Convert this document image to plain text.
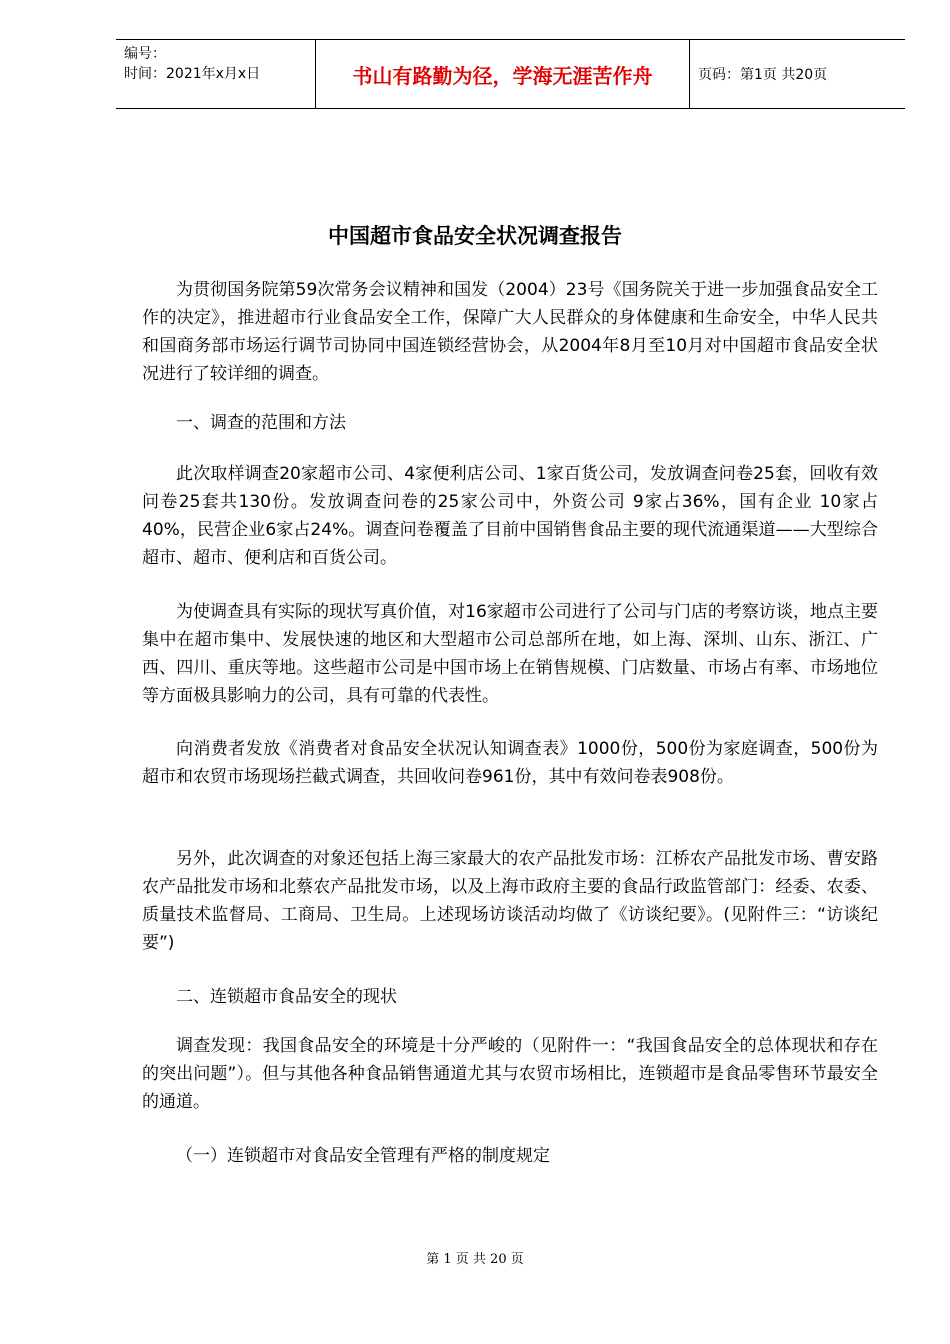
编号：
时间：2021年x月x日	书山有路勤为径，学海无涯苦作舟	页码：第1页 共20页
中国超市食品安全状况调查报告

为贯彻国务院第59次常务会议精神和国发（2004）23号《国务院关于进一步加强食品安全工作的决定》，推进超市行业食品安全工作，保障广大人民群众的身体健康和生命安全，中华人民共和国商务部市场运行调节司协同中国连锁经营协会，从2004年8月至10月对中国超市食品安全状况进行了较详细的调查。

一、调查的范围和方法

此次取样调查20家超市公司、4家便利店公司、1家百货公司，发放调查问卷25套，回收有效问卷25套共130份。发放调查问卷的25家公司中，外资公司 9家占36%，国有企业 10家占40%，民营企业6家占24%。调查问卷覆盖了目前中国销售食品主要的现代流通渠道——大型综合超市、超市、便利店和百货公司。

为使调查具有实际的现状写真价值，对16家超市公司进行了公司与门店的考察访谈，地点主要集中在超市集中、发展快速的地区和大型超市公司总部所在地，如上海、深圳、山东、浙江、广西、四川、重庆等地。这些超市公司是中国市场上在销售规模、门店数量、市场占有率、市场地位等方面极具影响力的公司，具有可靠的代表性。

向消费者发放《消费者对食品安全状况认知调查表》1000份，500份为家庭调查，500份为超市和农贸市场现场拦截式调查，共回收问卷961份，其中有效问卷表908份。

另外，此次调查的对象还包括上海三家最大的农产品批发市场：江桥农产品批发市场、曹安路农产品批发市场和北蔡农产品批发市场，以及上海市政府主要的食品行政监管部门：经委、农委、质量技术监督局、工商局、卫生局。上述现场访谈活动均做了《访谈纪要》。(见附件三：“访谈纪要”)

二、连锁超市食品安全的现状

调查发现：我国食品安全的环境是十分严峻的（见附件一：“我国食品安全的总体现状和存在的突出问题”）。但与其他各种食品销售通道尤其与农贸市场相比，连锁超市是食品零售环节最安全的通道。

（一）连锁超市对食品安全管理有严格的制度规定

第 1 页 共 20 页
